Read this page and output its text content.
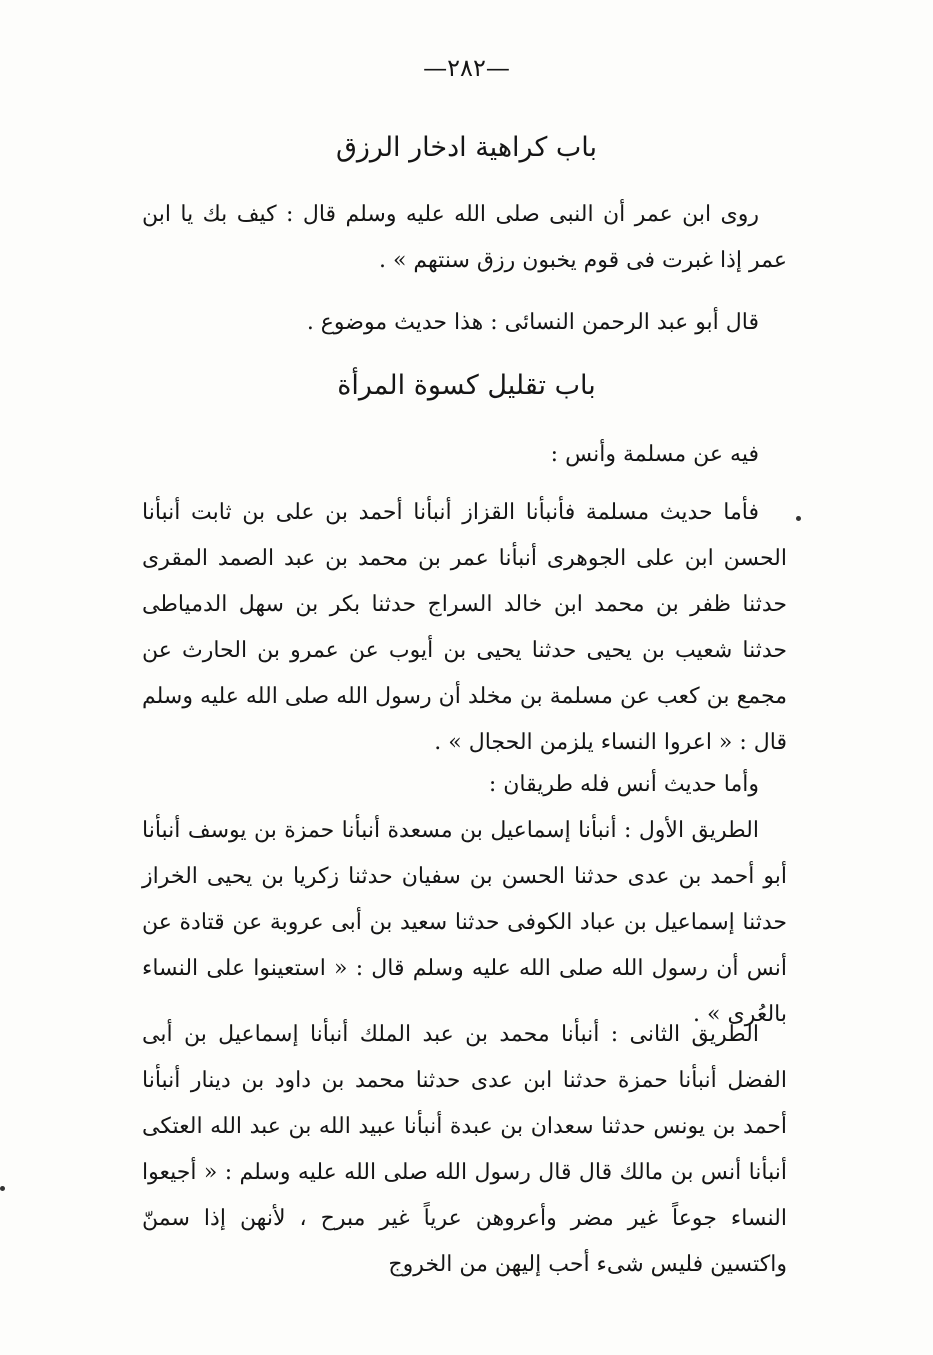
—٢٨٢—
باب كراهية ادخار الرزق

روى ابن عمر أن النبى صلى الله عليه وسلم قال : كيف بك يا ابن عمر إذا غبرت فى قوم يخبون رزق سنتهم » .

قال أبو عبد الرحمن النسائى : هذا حديث موضوع .

باب تقليل كسوة المرأة

فيه عن مسلمة وأنس :

فأما حديث مسلمة فأنبأنا القزاز أنبأنا أحمد بن على بن ثابت أنبأنا الحسن ابن على الجوهرى أنبأنا عمر بن محمد بن عبد الصمد المقرى حدثنا ظفر بن محمد ابن خالد السراج حدثنا بكر بن سهل الدمياطى حدثنا شعيب بن يحيى حدثنا يحيى بن أيوب عن عمرو بن الحارث عن مجمع بن كعب عن مسلمة بن مخلد أن رسول الله صلى الله عليه وسلم قال : « اعروا النساء يلزمن الحجال » .

وأما حديث أنس فله طريقان :

الطريق الأول : أنبأنا إسماعيل بن مسعدة أنبأنا حمزة بن يوسف أنبأنا أبو أحمد بن عدى حدثنا الحسن بن سفيان حدثنا زكريا بن يحيى الخراز حدثنا إسماعيل بن عباد الكوفى حدثنا سعيد بن أبى عروبة عن قتادة عن أنس أن رسول الله صلى الله عليه وسلم قال : « استعينوا على النساء بالعُرى » .

الطريق الثانى : أنبأنا محمد بن عبد الملك أنبأنا إسماعيل بن أبى الفضل أنبأنا حمزة حدثنا ابن عدى حدثنا محمد بن داود بن دينار أنبأنا أحمد بن يونس حدثنا سعدان بن عبدة أنبأنا عبيد الله بن عبد الله العتكى أنبأنا أنس بن مالك قال قال رسول الله صلى الله عليه وسلم : « أجيعوا النساء جوعاً غير مضر وأعروهن عرياً غير مبرح ، لأنهن إذا سمنّ واكتسين فليس شىء أحب إليهن من الخروج
